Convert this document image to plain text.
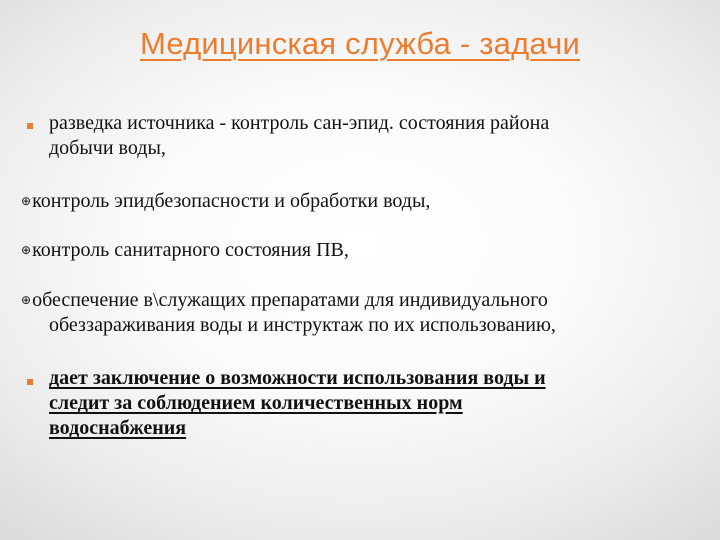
Медицинская служба - задачи
разведка источника - контроль сан-эпид. состояния района
добычи воды,
⊕контроль эпидбезопасности и обработки воды,
⊕контроль санитарного состояния ПВ,
⊕обеспечение в\служащих препаратами для индивидуального
обеззараживания воды и инструктаж по их использованию,
дает заключение о возможности использования воды и
следит за соблюдением количественных норм
водоснабжения
